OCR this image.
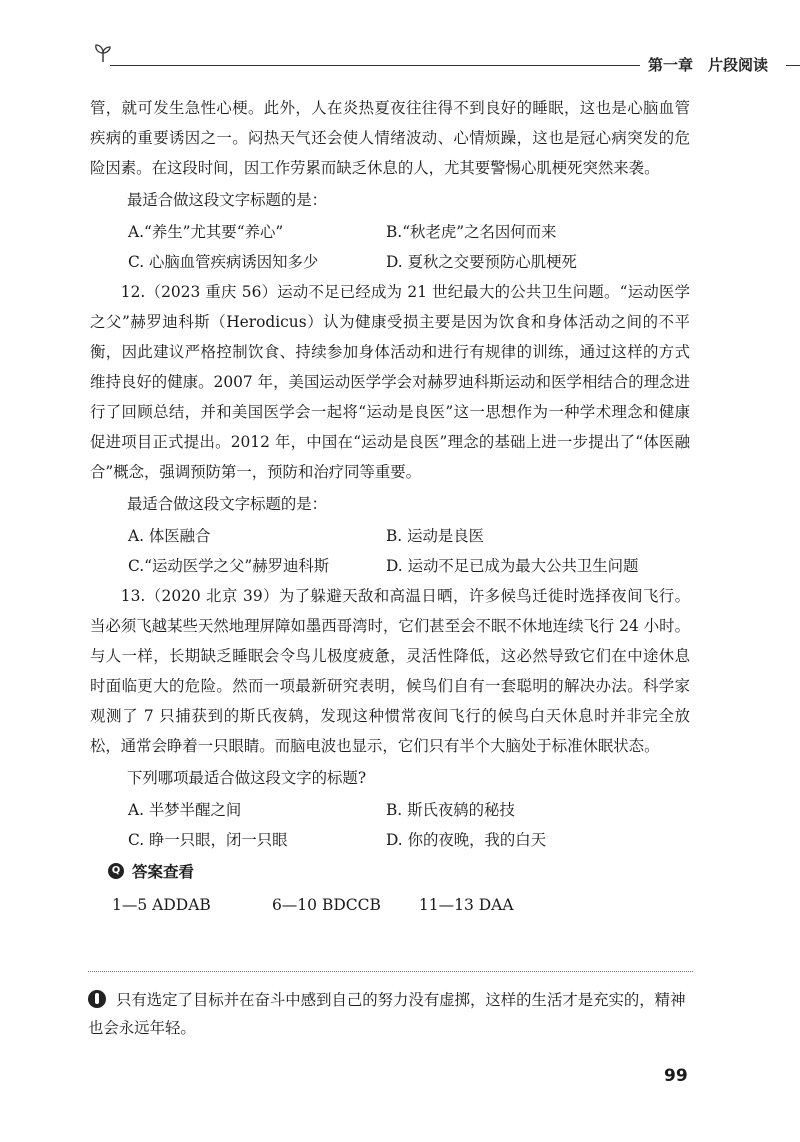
第一章　片段阅读

管，就可发生急性心梗。此外，人在炎热夏夜往往得不到良好的睡眠，这也是心脑血管疾病的重要诱因之一。闷热天气还会使人情绪波动、心情烦躁，这也是冠心病突发的危险因素。在这段时间，因工作劳累而缺乏休息的人，尤其要警惕心肌梗死突然来袭。

最适合做这段文字标题的是：

A.“养生”尤其要“养心”	B.“秋老虎”之名因何而来
C. 心脑血管疾病诱因知多少	D. 夏秋之交要预防心肌梗死

12.（2023 重庆 56）运动不足已经成为 21 世纪最大的公共卫生问题。“运动医学之父”赫罗迪科斯（Herodicus）认为健康受损主要是因为饮食和身体活动之间的不平衡，因此建议严格控制饮食、持续参加身体活动和进行有规律的训练，通过这样的方式维持良好的健康。2007 年，美国运动医学学会对赫罗迪科斯运动和医学相结合的理念进行了回顾总结，并和美国医学会一起将“运动是良医”这一思想作为一种学术理念和健康促进项目正式提出。2012 年，中国在“运动是良医”理念的基础上进一步提出了“体医融合”概念，强调预防第一，预防和治疗同等重要。

最适合做这段文字标题的是：

A. 体医融合	B. 运动是良医
C.“运动医学之父”赫罗迪科斯	D. 运动不足已成为最大公共卫生问题

13.（2020 北京 39）为了躲避天敌和高温日晒，许多候鸟迁徙时选择夜间飞行。当必须飞越某些天然地理屏障如墨西哥湾时，它们甚至会不眠不休地连续飞行 24 小时。与人一样，长期缺乏睡眠会令鸟儿极度疲惫，灵活性降低，这必然导致它们在中途休息时面临更大的危险。然而一项最新研究表明，候鸟们自有一套聪明的解决办法。科学家观测了 7 只捕获到的斯氏夜鸫，发现这种惯常夜间飞行的候鸟白天休息时并非完全放松，通常会睁着一只眼睛。而脑电波也显示，它们只有半个大脑处于标准休眠状态。

下列哪项最适合做这段文字的标题?

A. 半梦半醒之间	B. 斯氏夜鸫的秘技
C. 睁一只眼，闭一只眼	D. 你的夜晚，我的白天
Q 答案查看
1—5 ADDAB	6—10 BDCCB 11—13 DAA
只有选定了目标并在奋斗中感到自己的努力没有虚掷，这样的生活才是充实的，精神也会永远年轻。
99
